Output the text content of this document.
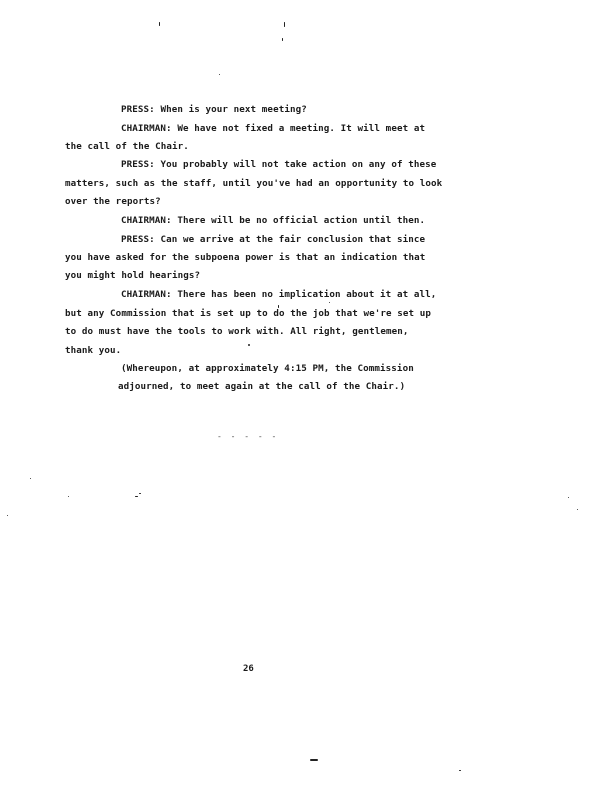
PRESS: When is your next meeting?
CHAIRMAN: We have not fixed a meeting. It will meet at
the call of the Chair.
PRESS: You probably will not take action on any of these
matters, such as the staff, until you've had an opportunity to look
over the reports?
CHAIRMAN: There will be no official action until then.
PRESS: Can we arrive at the fair conclusion that since
you have asked for the subpoena power is that an indication that
you might hold hearings?
CHAIRMAN: There has been no implication about it at all,
but any Commission that is set up to do the job that we're set up
to do must have the tools to work with. All right, gentlemen,
thank you.
(Whereupon, at approximately 4:15 PM, the Commission
adjourned, to meet again at the call of the Chair.)
- - - - -
26
